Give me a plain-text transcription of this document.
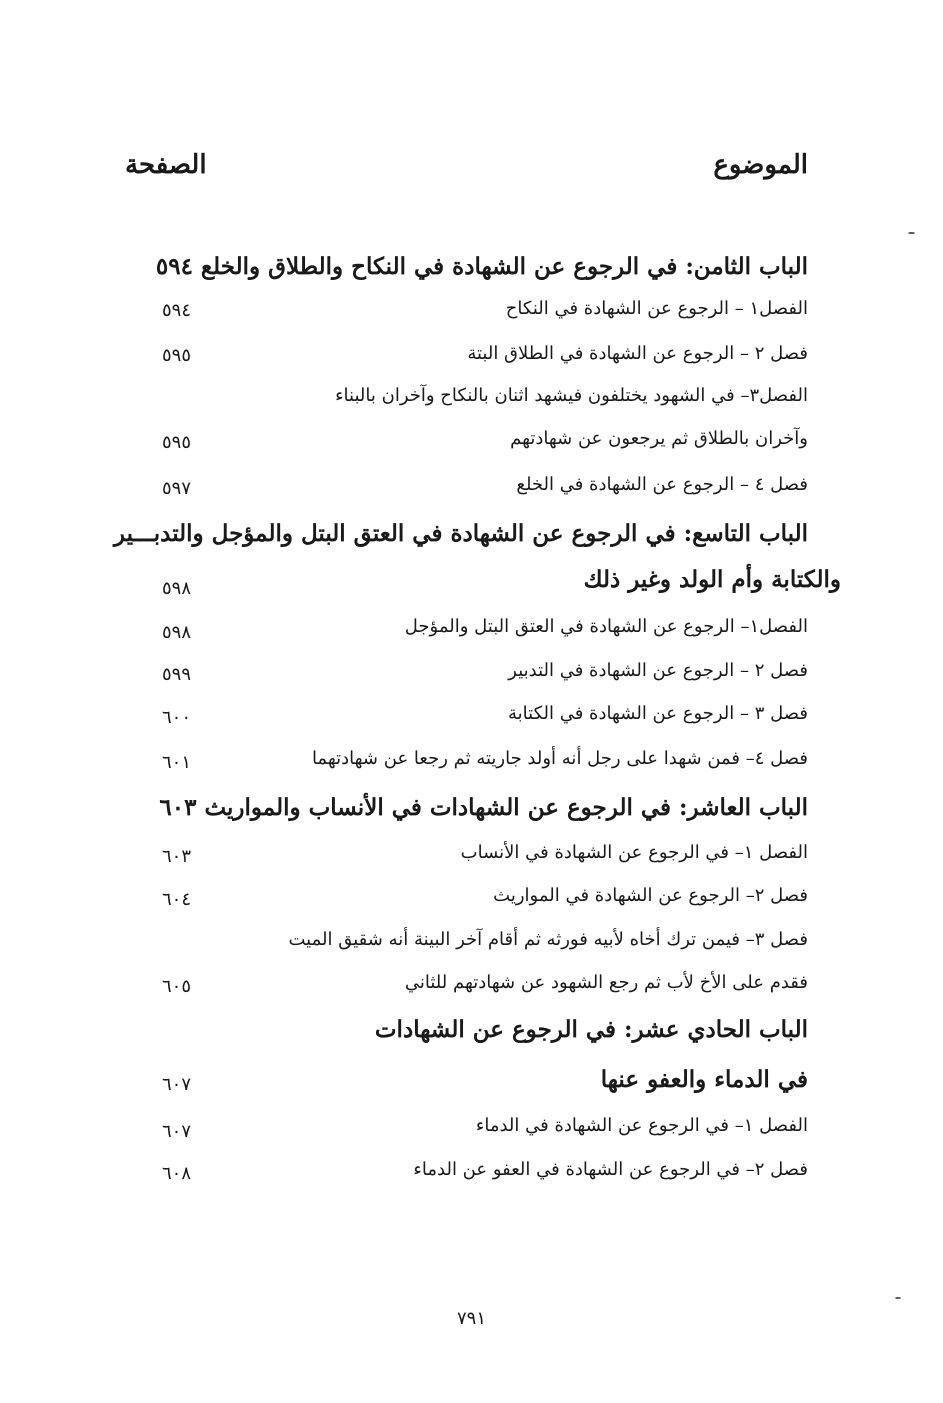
الموضوع
الصفحة
الباب الثامن: في الرجوع عن الشهادة في النكاح والطلاق والخلع ٥٩٤
الفصل١ – الرجوع عن الشهادة في النكاح
٥٩٤
فصل ٢ – الرجوع عن الشهادة في الطلاق البتة
٥٩٥
الفصل٣– في الشهود يختلفون فيشهد اثنان بالنكاح وآخران بالبناء
وآخران بالطلاق ثم يرجعون عن شهادتهم
٥٩٥
فصل ٤ – الرجوع عن الشهادة في الخلع
٥٩٧
الباب التاسع: في الرجوع عن الشهادة في العتق البتل والمؤجل والتدبـــير
والكتابة وأم الولد وغير ذلك
٥٩٨
الفصل١– الرجوع عن الشهادة في العتق البتل والمؤجل
٥٩٨
فصل ٢ – الرجوع عن الشهادة في التدبير
٥٩٩
فصل ٣ – الرجوع عن الشهادة في الكتابة
٦٠٠
فصل ٤– فمن شهدا على رجل أنه أولد جاريته ثم رجعا عن شهادتهما
٦٠١
الباب العاشر: في الرجوع عن الشهادات في الأنساب والمواريث ٦٠٣
الفصل ١– في الرجوع عن الشهادة في الأنساب
٦٠٣
فصل ٢– الرجوع عن الشهادة في المواريث
٦٠٤
فصل ٣– فيمن ترك أخاه لأبيه فورثه ثم أقام آخر البينة أنه شقيق الميت
فقدم على الأخ لأب ثم رجع الشهود عن شهادتهم للثاني
٦٠٥
الباب الحادي عشر: في الرجوع عن الشهادات
في الدماء والعفو عنها
٦٠٧
الفصل ١– في الرجوع عن الشهادة في الدماء
٦٠٧
فصل ٢– في الرجوع عن الشهادة في العفو عن الدماء
٦٠٨
٧٩١
